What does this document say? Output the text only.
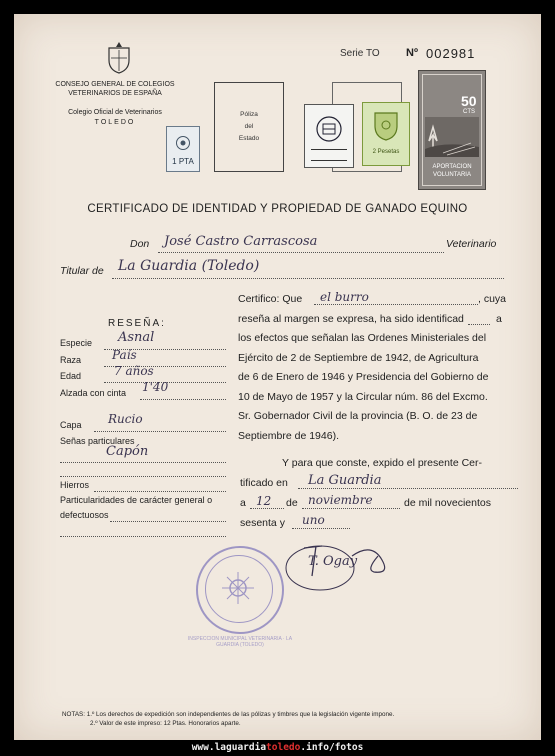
CONSEJO GENERAL DE COLEGIOS
VETERINARIOS DE ESPAÑA
Colegio Oficial de Veterinarios
TOLEDO
1 PTA
Póliza
del
Estado
Serie TO Nº 002981
2 Pesetas
50
CTS
APORTACION
VOLUNTARIA
CERTIFICADO DE IDENTIDAD Y PROPIEDAD DE GANADO EQUINO
Don José Castro Carrascosa	Veterinario
Titular de La Guardia (Toledo)
RESEÑA:
Especie Asnal
Raza	País
Edad	7 años
Alzada con cinta 1'40
Capa Rucio
Señas particulares
Capón
Hierros
Particularidades de carácter general o
defectuosos
Certifico: Que el burro	, cuya
reseña al margen se expresa, ha sido identificad	a
los efectos que señalan las Ordenes Ministeriales del
Ejército de 2 de Septiembre de 1942, de Agricultura
de 6 de Enero de 1946 y Presidencia del Gobierno de
10 de Mayo de 1957 y la Circular núm. 86 del Excmo.
Sr. Gobernador Civil de la provincia (B. O. de 23 de
Septiembre de 1946).
Y para que conste, expido el presente Cer-
tificado en La Guardia
a 12 de noviembre	de mil novecientos
sesenta y uno
T. Ogay
INSPECCION MUNICIPAL VETERINARIA · LA GUARDIA (TOLEDO)
NOTAS: 1.º Los derechos de expedición son independientes de las pólizas y timbres que la legislación vigente impone.
2.º Valor de este impreso: 12 Ptas. Honorarios aparte.
www.laguardiatoledo.info/fotos
